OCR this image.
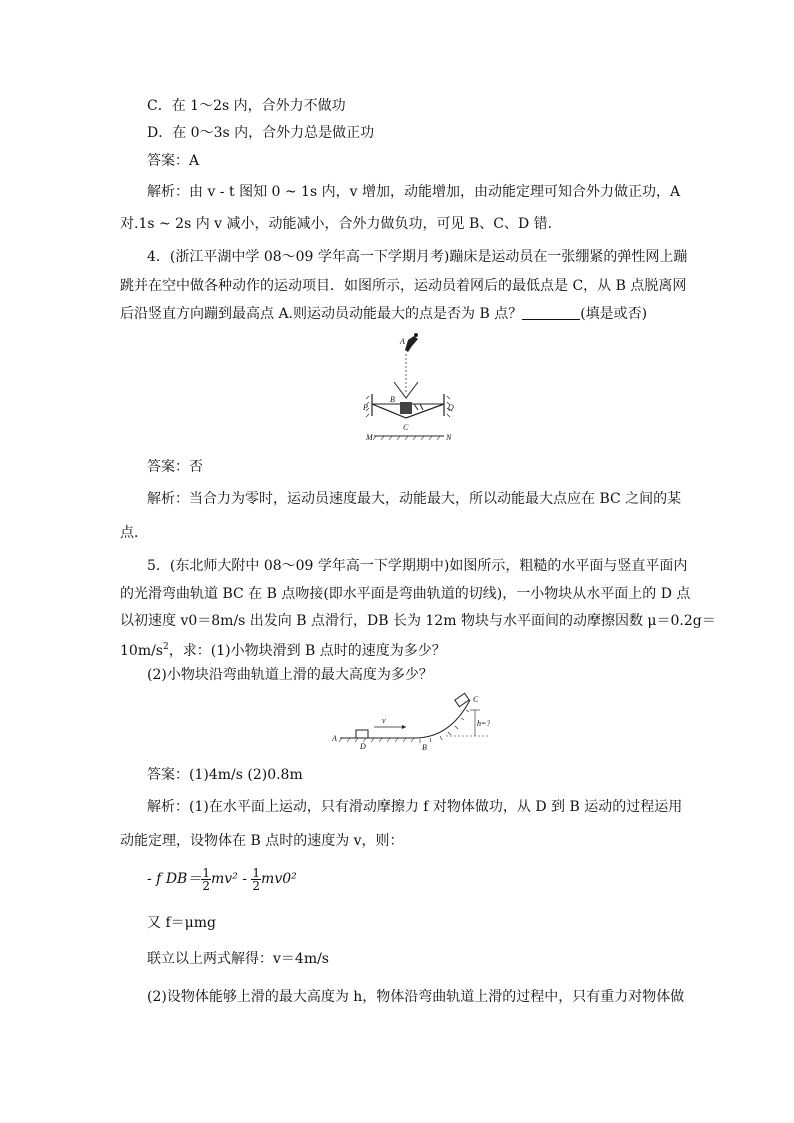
C．在 1～2s 内，合外力不做功
D．在 0～3s 内，合外力总是做正功
答案：A
解析：由 v - t 图知 0 ~ 1s 内，v 增加，动能增加，由动能定理可知合外力做正功，A
对.1s ~ 2s 内 v 减小，动能减小，合外力做负功，可见 B、C、D 错．
4．(浙江平湖中学 08～09 学年高一下学期月考)蹦床是运动员在一张绷紧的弹性网上蹦
跳并在空中做各种动作的运动项目．如图所示，运动员着网后的最低点是 C，从 B 点脱离网
后沿竖直方向蹦到最高点 A.则运动员动能最大的点是否为 B 点？	(填是或否)
A
P	Q
B
C
M	N
答案：否
解析：当合力为零时，运动员速度最大，动能最大，所以动能最大点应在 BC 之间的某
点．
5．(东北师大附中 08～09 学年高一下学期期中)如图所示，粗糙的水平面与竖直平面内
的光滑弯曲轨道 BC 在 B 点吻接(即水平面是弯曲轨道的切线)，一小物块从水平面上的 D 点
以初速度 v0＝8m/s 出发向 B 点滑行，DB 长为 12m 物块与水平面间的动摩擦因数 μ＝0.2g＝
$10m/s^2$，求：(1)小物块滑到 B 点时的速度为多少？
(2)小物块沿弯曲轨道上滑的最大高度为多少？
v
C
h=?
A
D	B
答案：(1)4m/s (2)0.8m
解析：(1)在水平面上运动，只有滑动摩擦力 f 对物体做功，从 D 到 B 运动的过程运用
动能定理，设物体在 B 点时的速度为 v，则：
- f $DB= \frac{1}{2} mv^2 - \frac{1}{2} mv0^2$
又 f＝μmg
联立以上两式解得：v＝4m/s
(2)设物体能够上滑的最大高度为 h，物体沿弯曲轨道上滑的过程中，只有重力对物体做
